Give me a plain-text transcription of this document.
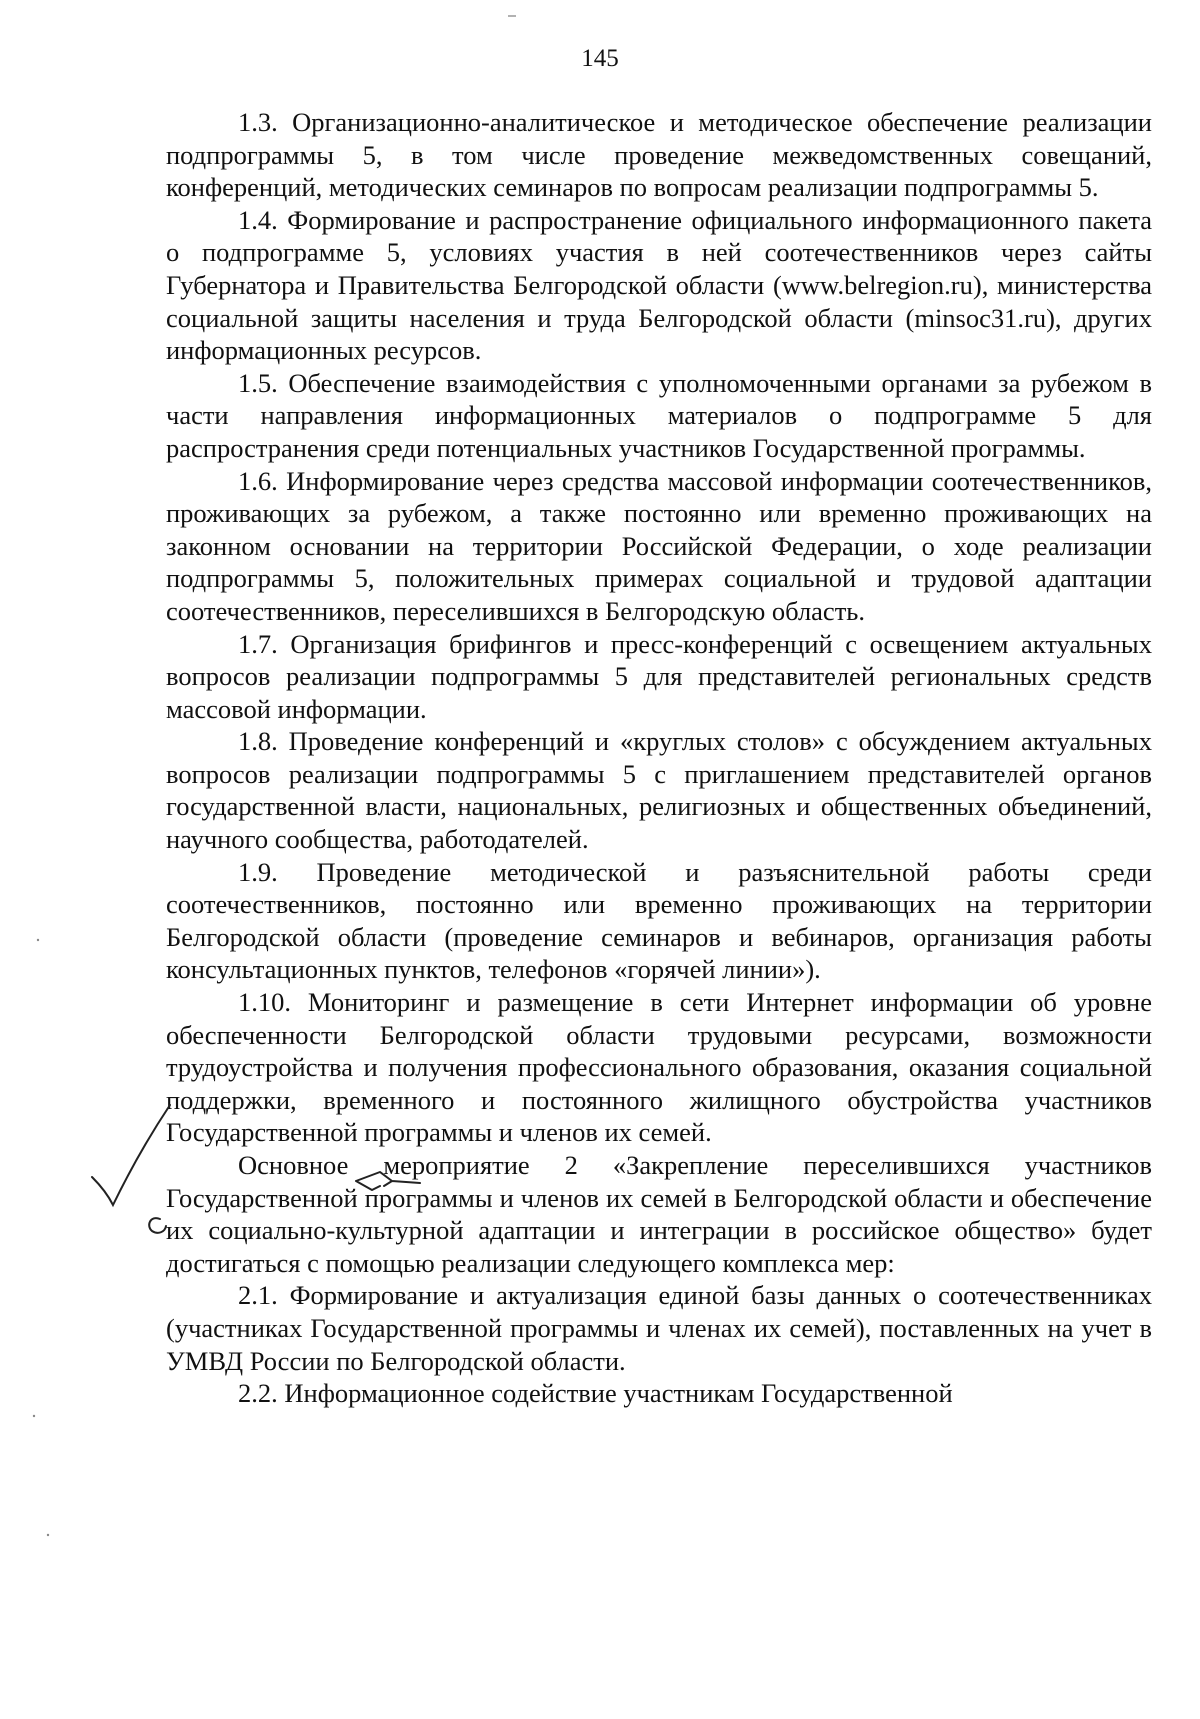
145

1.3. Организационно-аналитическое и методическое обеспечение реализации подпрограммы 5, в том числе проведение межведомственных совещаний, конференций, методических семинаров по вопросам реализации подпрограммы 5.

1.4. Формирование и распространение официального информационного пакета о подпрограмме 5, условиях участия в ней соотечественников через сайты Губернатора и Правительства Белгородской области (www.belregion.ru), министерства социальной защиты населения и труда Белгородской области (minsoc31.ru), других информационных ресурсов.

1.5. Обеспечение взаимодействия с уполномоченными органами за рубежом в части направления информационных материалов о подпрограмме 5 для распространения среди потенциальных участников Государственной программы.

1.6. Информирование через средства массовой информации соотечественников, проживающих за рубежом, а также постоянно или временно проживающих на законном основании на территории Российской Федерации, о ходе реализации подпрограммы 5, положительных примерах социальной и трудовой адаптации соотечественников, переселившихся в Белгородскую область.

1.7. Организация брифингов и пресс-конференций с освещением актуальных вопросов реализации подпрограммы 5 для представителей региональных средств массовой информации.

1.8. Проведение конференций и «круглых столов» с обсуждением актуальных вопросов реализации подпрограммы 5 с приглашением представителей органов государственной власти, национальных, религиозных и общественных объединений, научного сообщества, работодателей.

1.9. Проведение методической и разъяснительной работы среди соотечественников, постоянно или временно проживающих на территории Белгородской области (проведение семинаров и вебинаров, организация работы консультационных пунктов, телефонов «горячей линии»).

1.10. Мониторинг и размещение в сети Интернет информации об уровне обеспеченности Белгородской области трудовыми ресурсами, возможности трудоустройства и получения профессионального образования, оказания социальной поддержки, временного и постоянного жилищного обустройства участников Государственной программы и членов их семей.

Основное мероприятие 2 «Закрепление переселившихся участников Государственной программы и членов их семей в Белгородской области и обеспечение их социально-культурной адаптации и интеграции в российское общество» будет достигаться с помощью реализации следующего комплекса мер:

2.1. Формирование и актуализация единой базы данных о соотечественниках (участниках Государственной программы и членах их семей), поставленных на учет в УМВД России по Белгородской области.

2.2. Информационное содействие участникам Государственной
